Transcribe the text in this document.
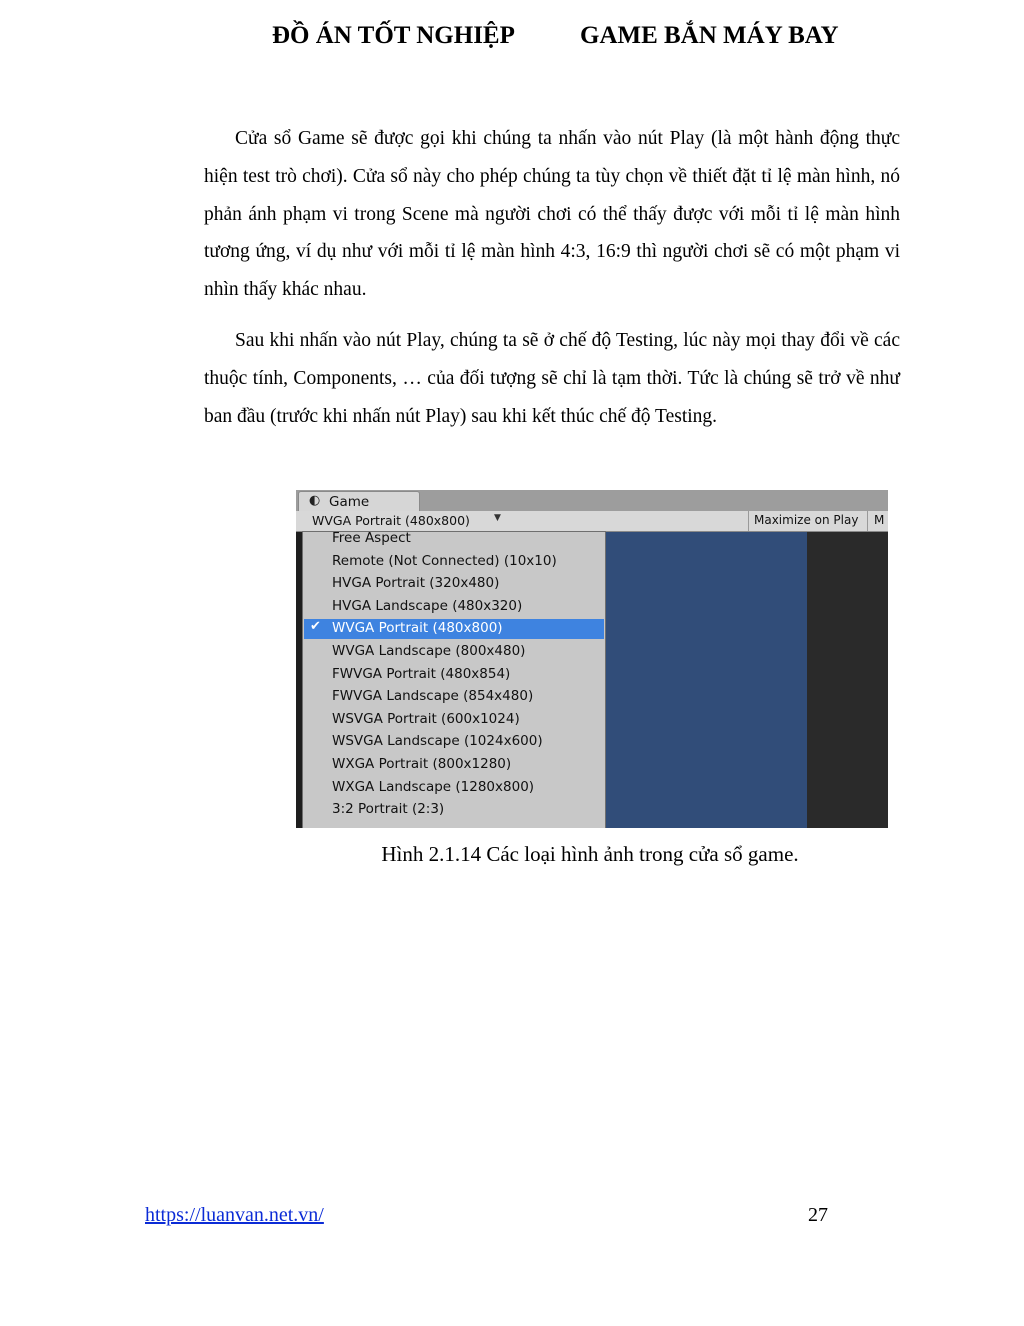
ĐỒ ÁN TỐT NGHIỆP	GAME BẮN MÁY BAY

Cửa sổ Game sẽ được gọi khi chúng ta nhấn vào nút Play (là một hành động thực hiện test trò chơi). Cửa sổ này cho phép chúng ta tùy chọn về thiết đặt tỉ lệ màn hình, nó phản ánh phạm vi trong Scene mà người chơi có thể thấy được với mỗi tỉ lệ màn hình tương ứng, ví dụ như với mỗi tỉ lệ màn hình 4:3, 16:9 thì người chơi sẽ có một phạm vi nhìn thấy khác nhau.

Sau khi nhấn vào nút Play, chúng ta sẽ ở chế độ Testing, lúc này mọi thay đổi về các thuộc tính, Components, … của đối tượng sẽ chỉ là tạm thời. Tức là chúng sẽ trở về như ban đầu (trước khi nhấn nút Play) sau khi kết thúc chế độ Testing.

◐ Game
WVGA Portrait (480x800)	▼	Maximize on Play M
Free Aspect
Remote (Not Connected) (10x10)
HVGA Portrait (320x480)
HVGA Landscape (480x320)
✔ WVGA Portrait (480x800)
WVGA Landscape (800x480)
FWVGA Portrait (480x854)
FWVGA Landscape (854x480)
WSVGA Portrait (600x1024)
WSVGA Landscape (1024x600)
WXGA Portrait (800x1280)
WXGA Landscape (1280x800)
3:2 Portrait (2:3)
Hình 2.1.14 Các loại hình ảnh trong cửa sổ game.
https://luanvan.net.vn/	27
